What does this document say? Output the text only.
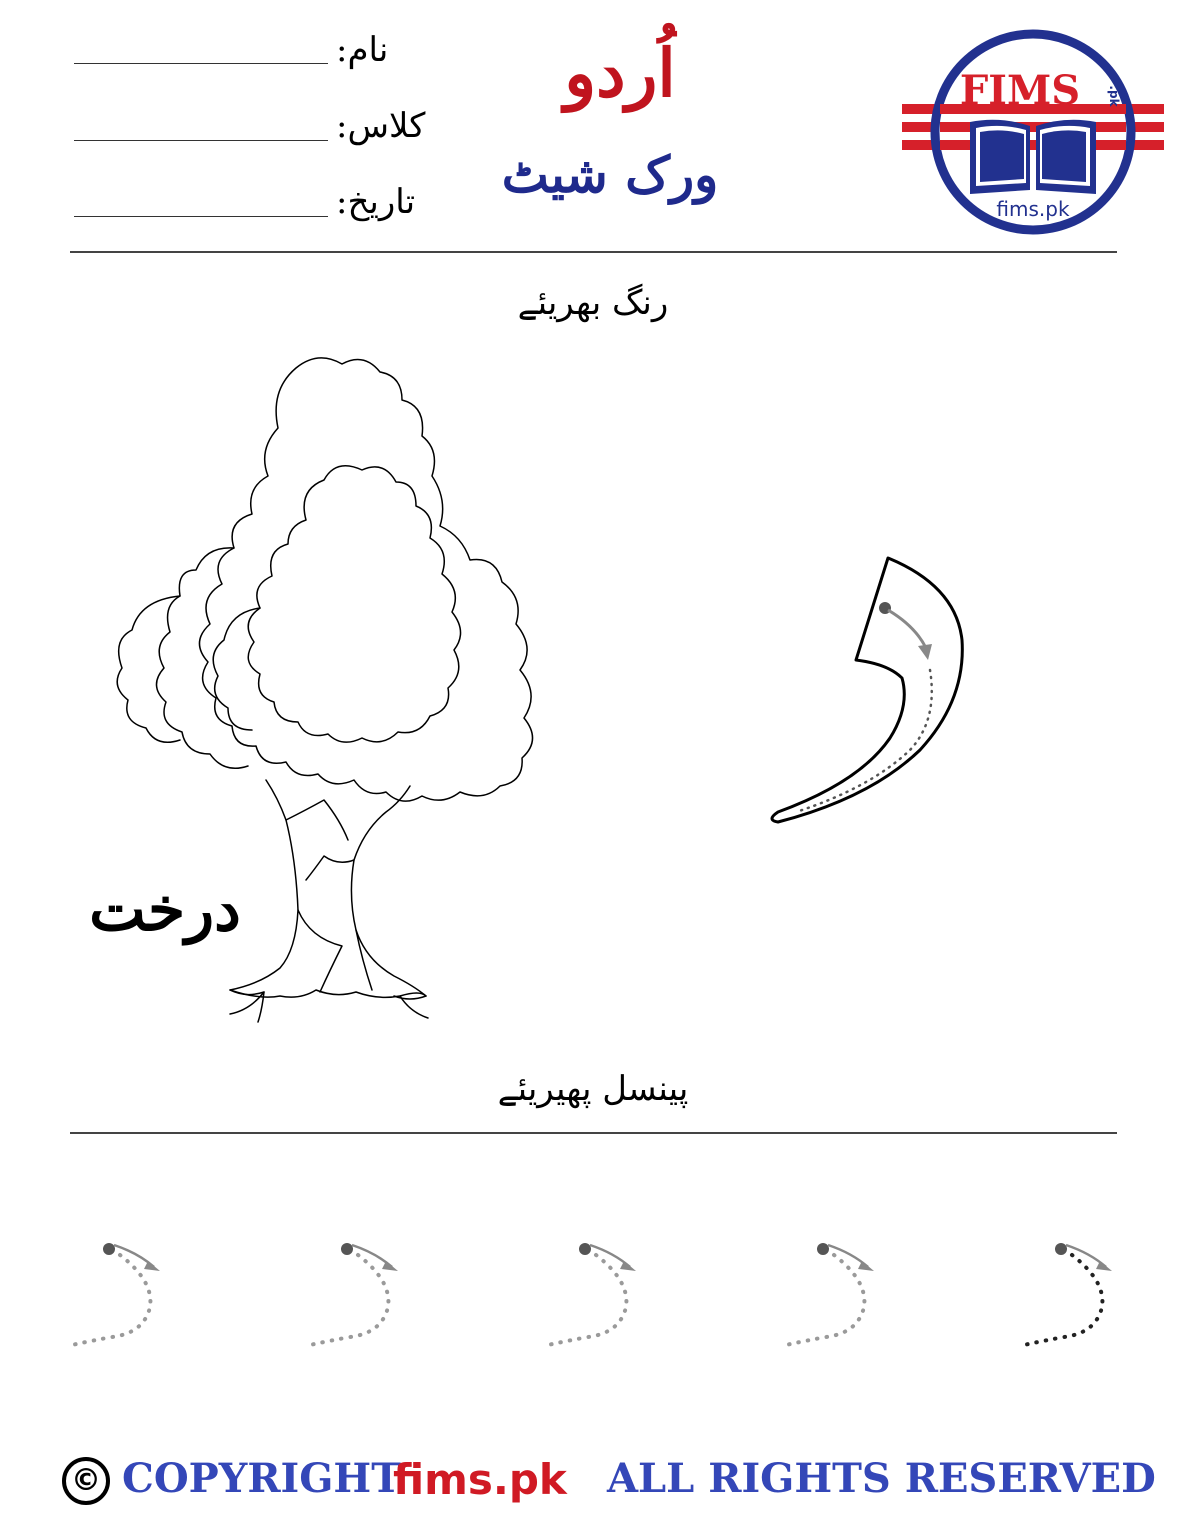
نام:
کلاس:
تاریخ:
اُردو
ورک شیٹ
FIMS .pk
fims.pk
رنگ بھریئے
درخت
پینسل پھیریئے
© COPYRIGHT
fims.pk ALL RIGHTS RESERVED
